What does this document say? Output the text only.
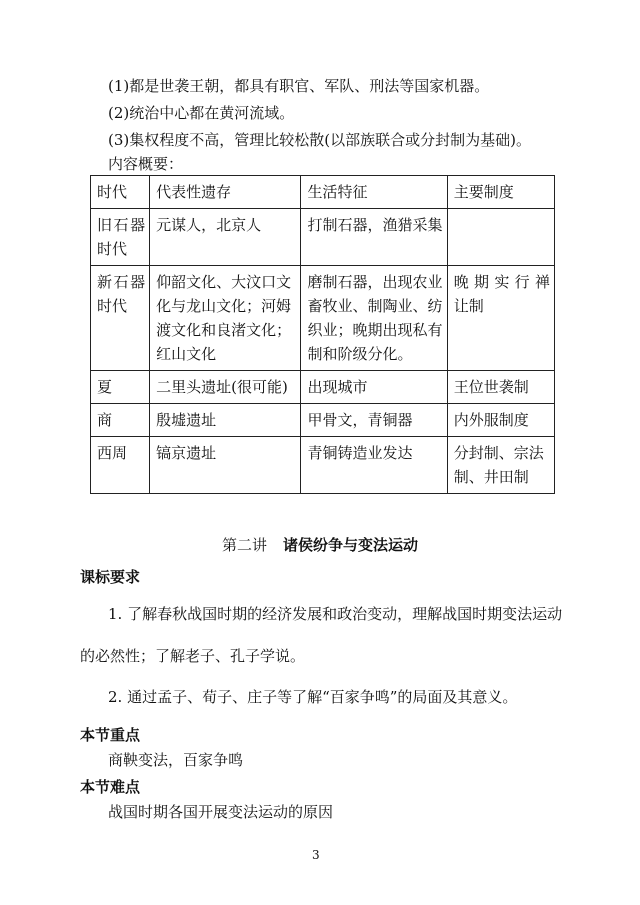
(1)都是世袭王朝，都具有职官、军队、刑法等国家机器。
(2)统治中心都在黄河流域。
(3)集权程度不高，管理比较松散(以部族联合或分封制为基础)。
内容概要：
时代	代表性遗存	生活特征	主要制度

旧石器
时代	元谋人，北京人	打制石器，渔猎采集	

新石器
时代	仰韶文化、大汶口文
化与龙山文化；河姆
渡文化和良渚文化；
红山文化	磨制石器，出现农业
畜牧业、制陶业、纺
织业；晚期出现私有
制和阶级分化。	晚期实行禅
让制

夏	二里头遗址(很可能)	出现城市	王位世袭制
商	殷墟遗址	甲骨文，青铜器	内外服制度
西周	镐京遗址	青铜铸造业发达	分封制、宗法
制、井田制
第二讲 诸侯纷争与变法运动
课标要求
1. 了解春秋战国时期的经济发展和政治变动，理解战国时期变法运动
的必然性；了解老子、孔子学说。
2. 通过孟子、荀子、庄子等了解“百家争鸣”的局面及其意义。
本节重点
商鞅变法，百家争鸣
本节难点
战国时期各国开展变法运动的原因
3
